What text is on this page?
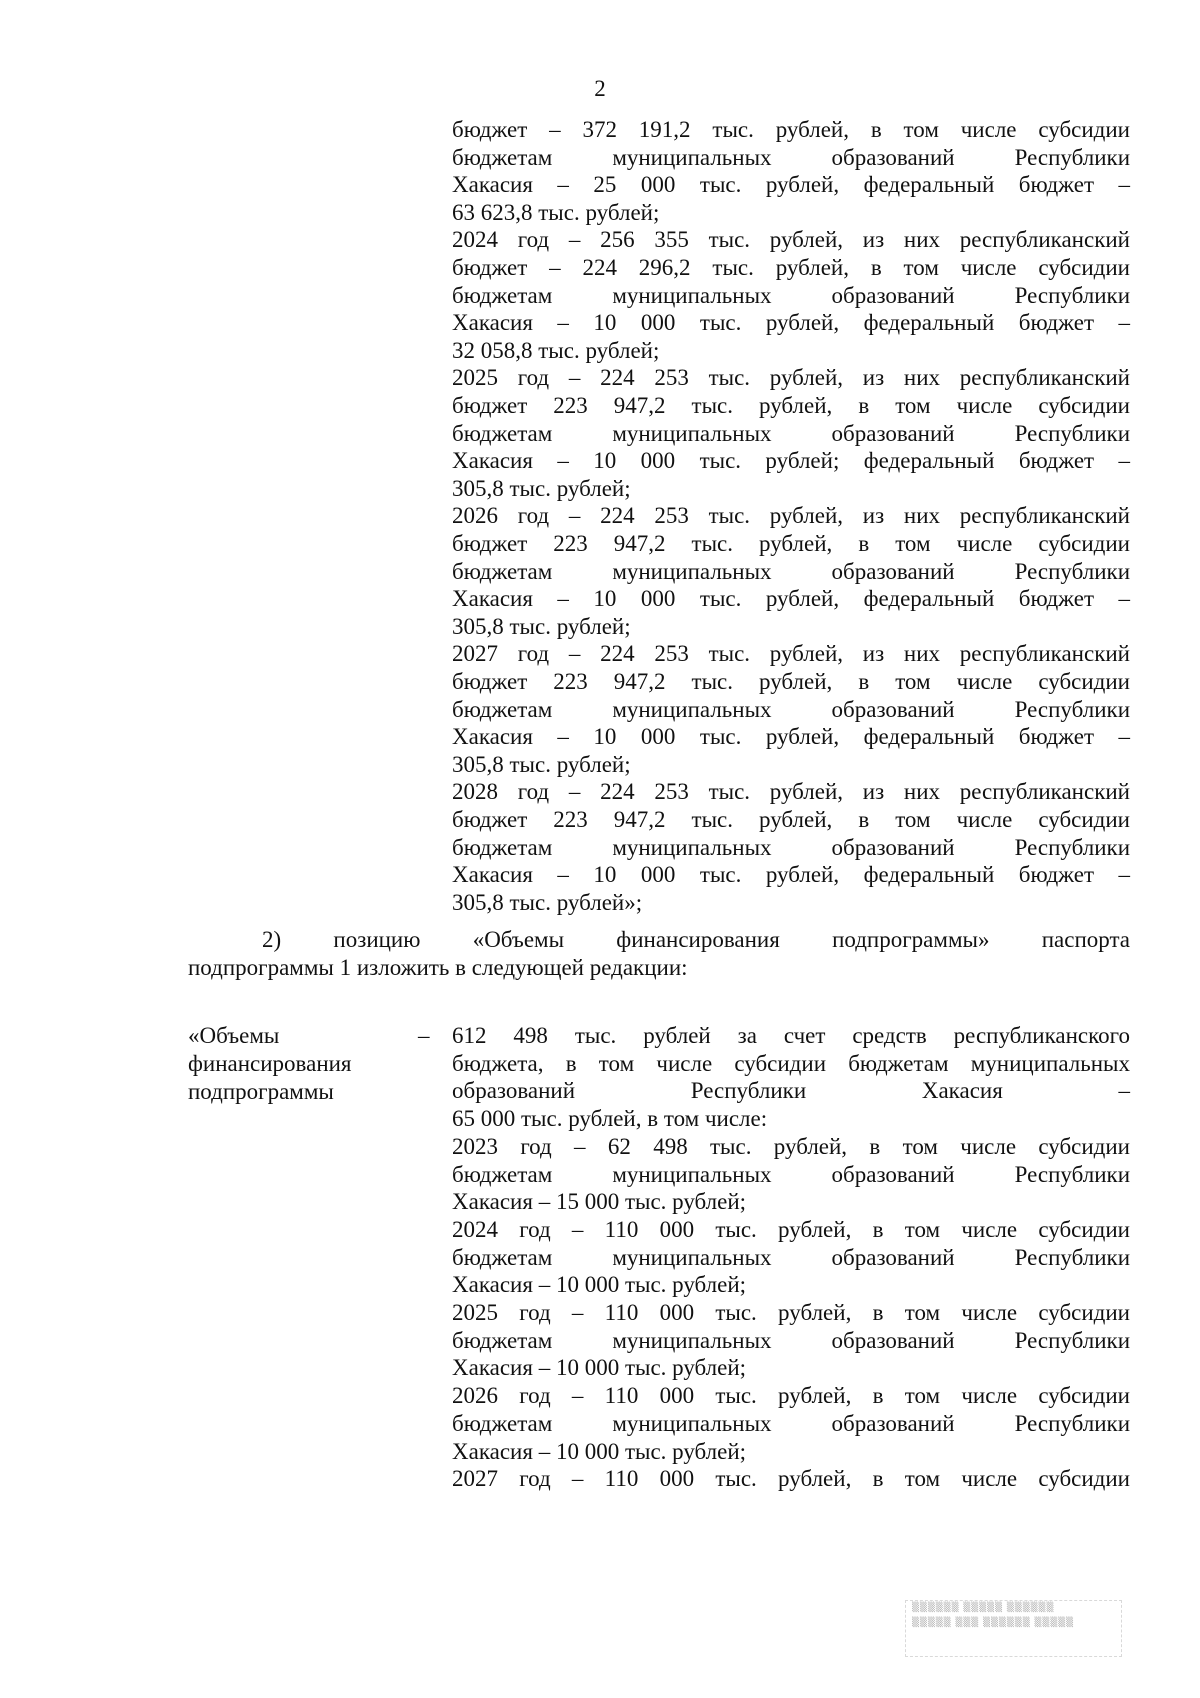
2
бюджет – 372 191,2 тыс. рублей, в том числе субсидии
бюджетам муниципальных образований Республики
Хакасия – 25 000 тыс. рублей, федеральный бюджет –
63 623,8 тыс. рублей;
2024 год – 256 355 тыс. рублей, из них республиканский
бюджет – 224 296,2 тыс. рублей, в том числе субсидии
бюджетам муниципальных образований Республики
Хакасия – 10 000 тыс. рублей, федеральный бюджет –
32 058,8 тыс. рублей;
2025 год – 224 253 тыс. рублей, из них республиканский
бюджет 223 947,2 тыс. рублей, в том числе субсидии
бюджетам муниципальных образований Республики
Хакасия – 10 000 тыс. рублей; федеральный бюджет –
305,8 тыс. рублей;
2026 год – 224 253 тыс. рублей, из них республиканский
бюджет 223 947,2 тыс. рублей, в том числе субсидии
бюджетам муниципальных образований Республики
Хакасия – 10 000 тыс. рублей, федеральный бюджет –
305,8 тыс. рублей;
2027 год – 224 253 тыс. рублей, из них республиканский
бюджет 223 947,2 тыс. рублей, в том числе субсидии
бюджетам муниципальных образований Республики
Хакасия – 10 000 тыс. рублей, федеральный бюджет –
305,8 тыс. рублей;
2028 год – 224 253 тыс. рублей, из них республиканский
бюджет 223 947,2 тыс. рублей, в том числе субсидии
бюджетам муниципальных образований Республики
Хакасия – 10 000 тыс. рублей, федеральный бюджет –
305,8 тыс. рублей»;
2) позицию «Объемы финансирования подпрограммы» паспорта
подпрограммы 1 изложить в следующей редакции:
«Объемы
финансирования
подпрограммы
– 612 498 тыс. рублей за счет средств республиканского
бюджета, в том числе субсидии бюджетам муниципальных
образований Республики Хакасия –
65 000 тыс. рублей, в том числе:
2023 год – 62 498 тыс. рублей, в том числе субсидии
бюджетам муниципальных образований Республики
Хакасия – 15 000 тыс. рублей;
2024 год – 110 000 тыс. рублей, в том числе субсидии
бюджетам муниципальных образований Республики
Хакасия – 10 000 тыс. рублей;
2025 год – 110 000 тыс. рублей, в том числе субсидии
бюджетам муниципальных образований Республики
Хакасия – 10 000 тыс. рублей;
2026 год – 110 000 тыс. рублей, в том числе субсидии
бюджетам муниципальных образований Республики
Хакасия – 10 000 тыс. рублей;
2027 год – 110 000 тыс. рублей, в том числе субсидии
▒▒▒▒▒▒ ▒▒▒▒▒ ▒▒▒▒▒▒
▒▒▒▒▒ ▒▒▒ ▒▒▒▒▒▒ ▒▒▒▒▒
